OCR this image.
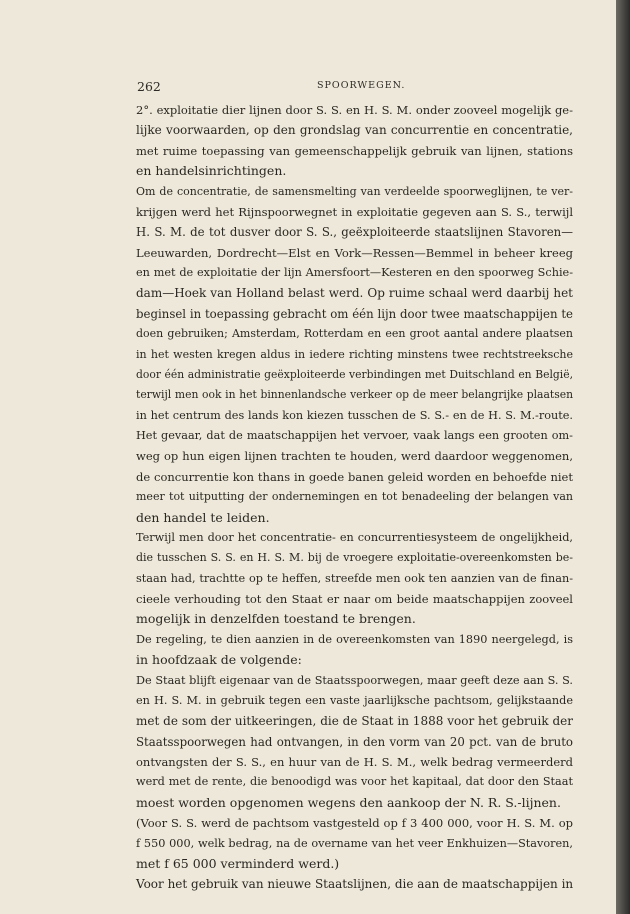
262	SPOORWEGEN.
2°. exploitatie dier lijnen door S. S. en H. S. M. onder zooveel mogelijk ge-
lijke voorwaarden, op den grondslag van concurrentie en concentratie,
met ruime toepassing van gemeenschappelijk gebruik van lijnen, stations
en handelsinrichtingen.
Om de concentratie, de samensmelting van verdeelde spoorweglijnen, te ver-
krijgen werd het Rijnspoorwegnet in exploitatie gegeven aan S. S., terwijl
H. S. M. de tot dusver door S. S., geëxploiteerde staatslijnen Stavoren—
Leeuwarden, Dordrecht—Elst en Vork—Ressen—Bemmel in beheer kreeg
en met de exploitatie der lijn Amersfoort—Kesteren en den spoorweg Schie-
dam—Hoek van Holland belast werd. Op ruime schaal werd daarbij het
beginsel in toepassing gebracht om één lijn door twee maatschappijen te
doen gebruiken; Amsterdam, Rotterdam en een groot aantal andere plaatsen
in het westen kregen aldus in iedere richting minstens twee rechtstreeksche
door één administratie geëxploiteerde verbindingen met Duitschland en België,
terwijl men ook in het binnenlandsche verkeer op de meer belangrijke plaatsen
in het centrum des lands kon kiezen tusschen de S. S.- en de H. S. M.-route.
Het gevaar, dat de maatschappijen het vervoer, vaak langs een grooten om-
weg op hun eigen lijnen trachten te houden, werd daardoor weggenomen,
de concurrentie kon thans in goede banen geleid worden en behoefde niet
meer tot uitputting der ondernemingen en tot benadeeling der belangen van
den handel te leiden.
Terwijl men door het concentratie- en concurrentiesysteem de ongelijkheid,
die tusschen S. S. en H. S. M. bij de vroegere exploitatie-overeenkomsten be-
staan had, trachtte op te heffen, streefde men ook ten aanzien van de finan-
cieele verhouding tot den Staat er naar om beide maatschappijen zooveel
mogelijk in denzelfden toestand te brengen.
De regeling, te dien aanzien in de overeenkomsten van 1890 neergelegd, is
in hoofdzaak de volgende:
De Staat blijft eigenaar van de Staatsspoorwegen, maar geeft deze aan S. S.
en H. S. M. in gebruik tegen een vaste jaarlijksche pachtsom, gelijkstaande
met de som der uitkeeringen, die de Staat in 1888 voor het gebruik der
Staatsspoorwegen had ontvangen, in den vorm van 20 pct. van de bruto
ontvangsten der S. S., en huur van de H. S. M., welk bedrag vermeerderd
werd met de rente, die benoodigd was voor het kapitaal, dat door den Staat
moest worden opgenomen wegens den aankoop der N. R. S.-lijnen.
(Voor S. S. werd de pachtsom vastgesteld op f 3 400 000, voor H. S. M. op
f 550 000, welk bedrag, na de overname van het veer Enkhuizen—Stavoren,
met f 65 000 verminderd werd.)
Voor het gebruik van nieuwe Staatslijnen, die aan de maatschappijen in
